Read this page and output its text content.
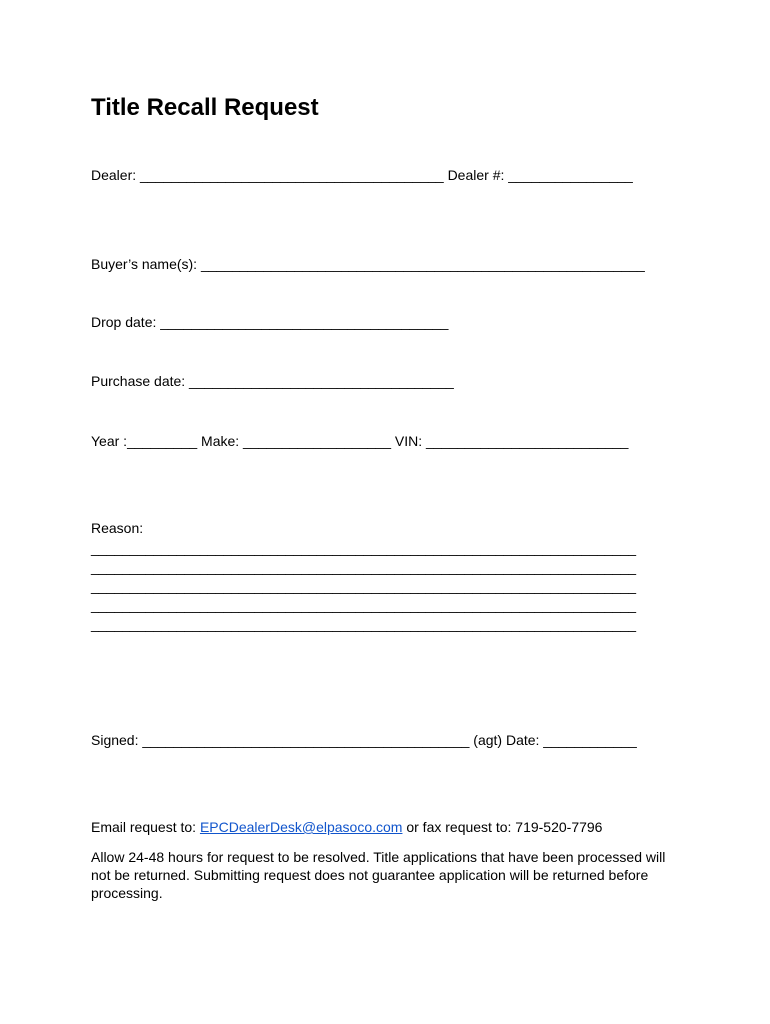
Title Recall Request
Dealer: _______________________________________ Dealer #: ________________
Buyer’s name(s): _________________________________________________________
Drop date: _____________________________________
Purchase date: __________________________________
Year :_________ Make: ___________________ VIN: __________________________
Reason:
______________________________________________________________________
______________________________________________________________________
______________________________________________________________________
______________________________________________________________________
______________________________________________________________________
Signed: __________________________________________ (agt) Date: ____________
Email request to: EPCDealerDesk@elpasoco.com or fax request to: 719-520-7796
Allow 24-48 hours for request to be resolved. Title applications that have been processed will not be returned. Submitting request does not guarantee application will be returned before processing.
